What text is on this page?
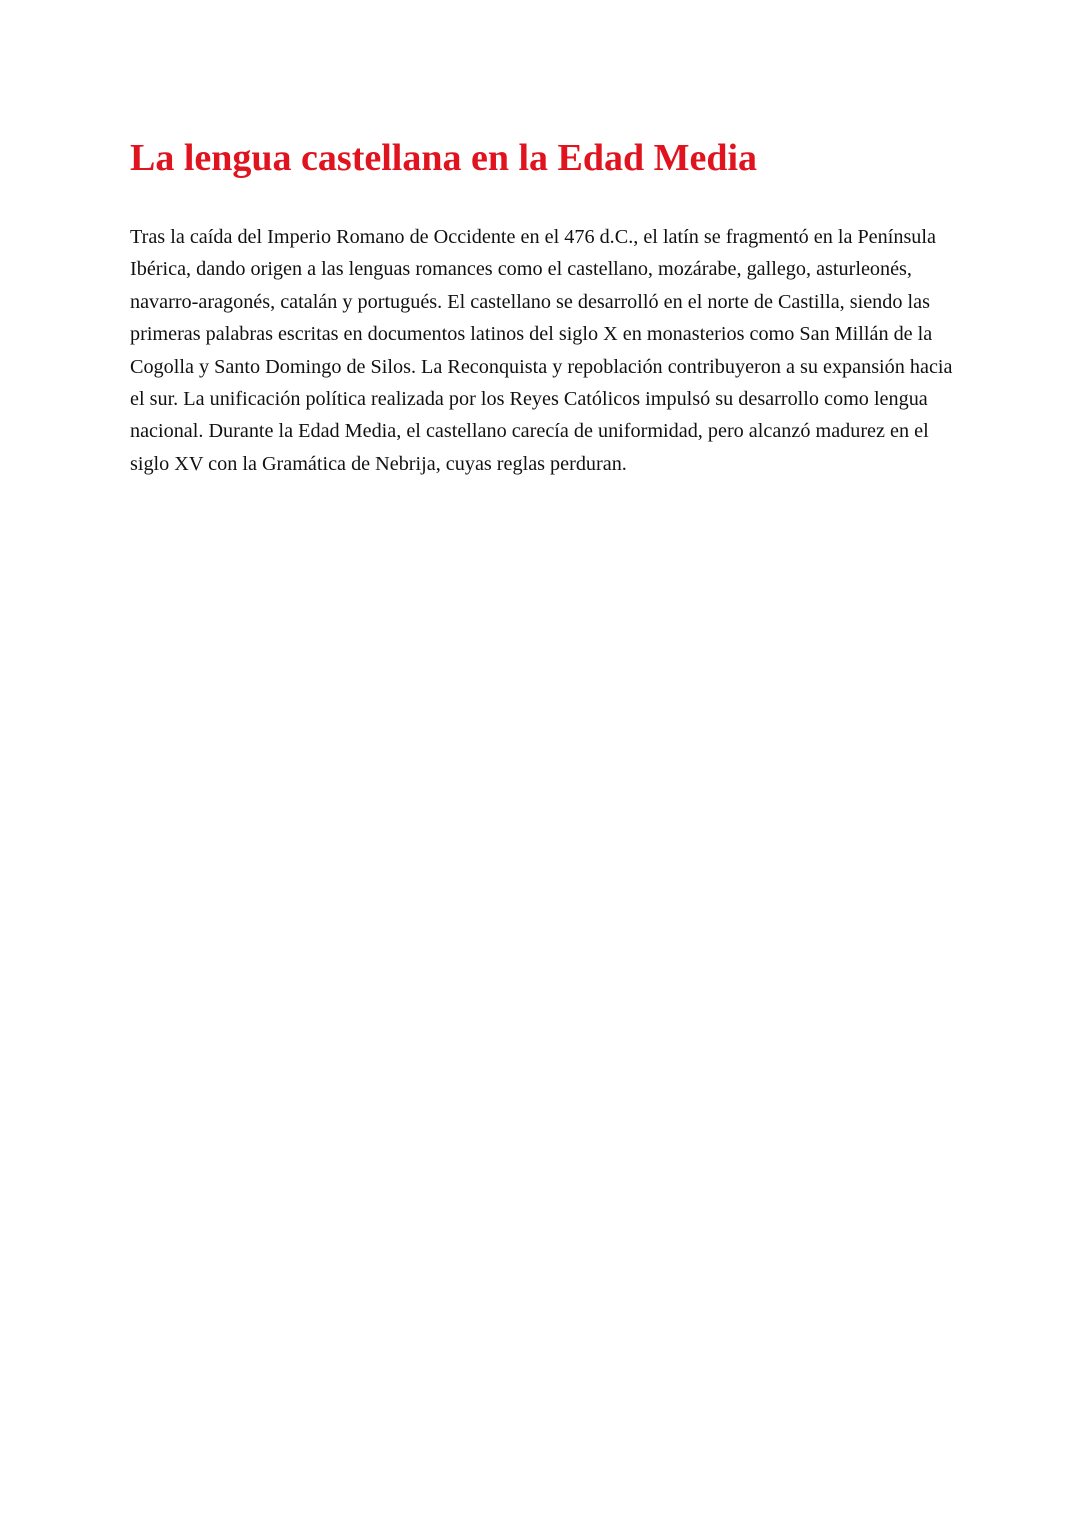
La lengua castellana en la Edad Media

Tras la caída del Imperio Romano de Occidente en el 476 d.C., el latín se fragmentó en la Península Ibérica, dando origen a las lenguas romances como el castellano, mozárabe, gallego, asturleonés, navarro-aragonés, catalán y portugués. El castellano se desarrolló en el norte de Castilla, siendo las primeras palabras escritas en documentos latinos del siglo X en monasterios como San Millán de la Cogolla y Santo Domingo de Silos. La Reconquista y repoblación contribuyeron a su expansión hacia el sur. La unificación política realizada por los Reyes Católicos impulsó su desarrollo como lengua nacional. Durante la Edad Media, el castellano carecía de uniformidad, pero alcanzó madurez en el siglo XV con la Gramática de Nebrija, cuyas reglas perduran.
